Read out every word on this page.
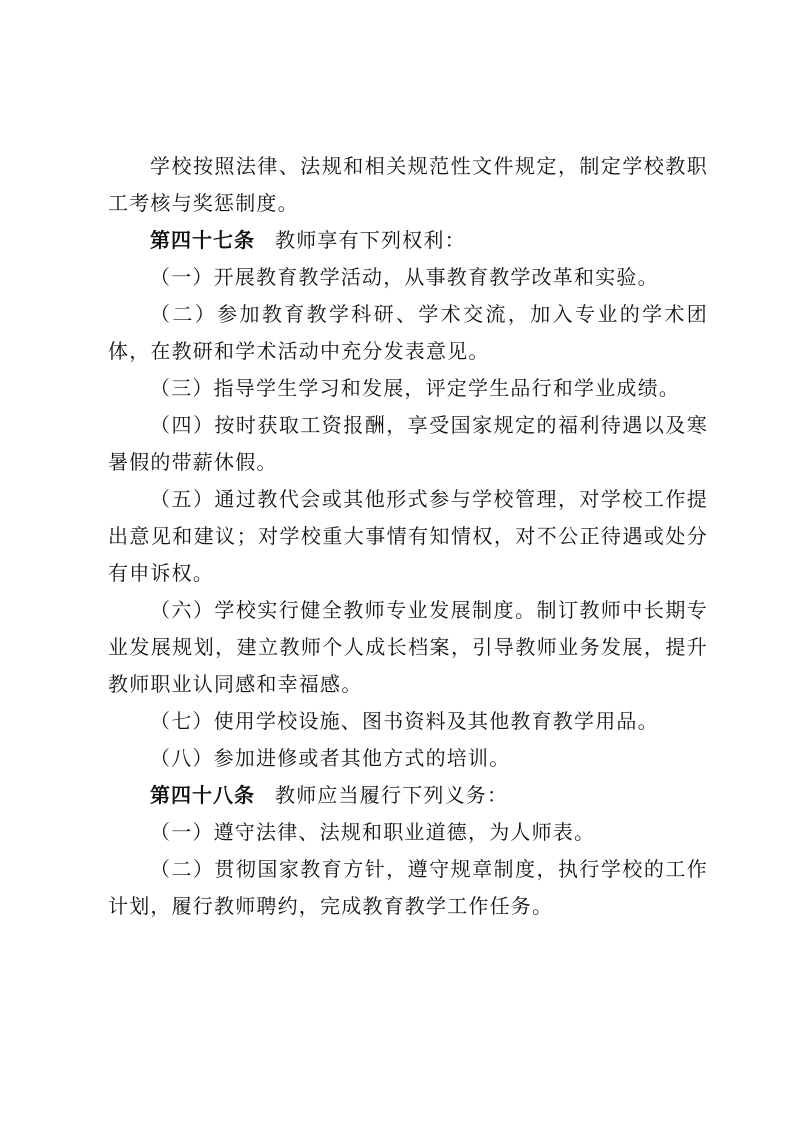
学校按照法律、法规和相关规范性文件规定，制定学校教职工考核与奖惩制度。

第四十七条 教师享有下列权利：

（一）开展教育教学活动，从事教育教学改革和实验。

（二）参加教育教学科研、学术交流，加入专业的学术团体，在教研和学术活动中充分发表意见。

（三）指导学生学习和发展，评定学生品行和学业成绩。

（四）按时获取工资报酬，享受国家规定的福利待遇以及寒暑假的带薪休假。

（五）通过教代会或其他形式参与学校管理，对学校工作提出意见和建议；对学校重大事情有知情权，对不公正待遇或处分有申诉权。

（六）学校实行健全教师专业发展制度。制订教师中长期专业发展规划，建立教师个人成长档案，引导教师业务发展，提升教师职业认同感和幸福感。

（七）使用学校设施、图书资料及其他教育教学用品。

（八）参加进修或者其他方式的培训。

第四十八条 教师应当履行下列义务：

（一）遵守法律、法规和职业道德，为人师表。

（二）贯彻国家教育方针，遵守规章制度，执行学校的工作计划，履行教师聘约，完成教育教学工作任务。
